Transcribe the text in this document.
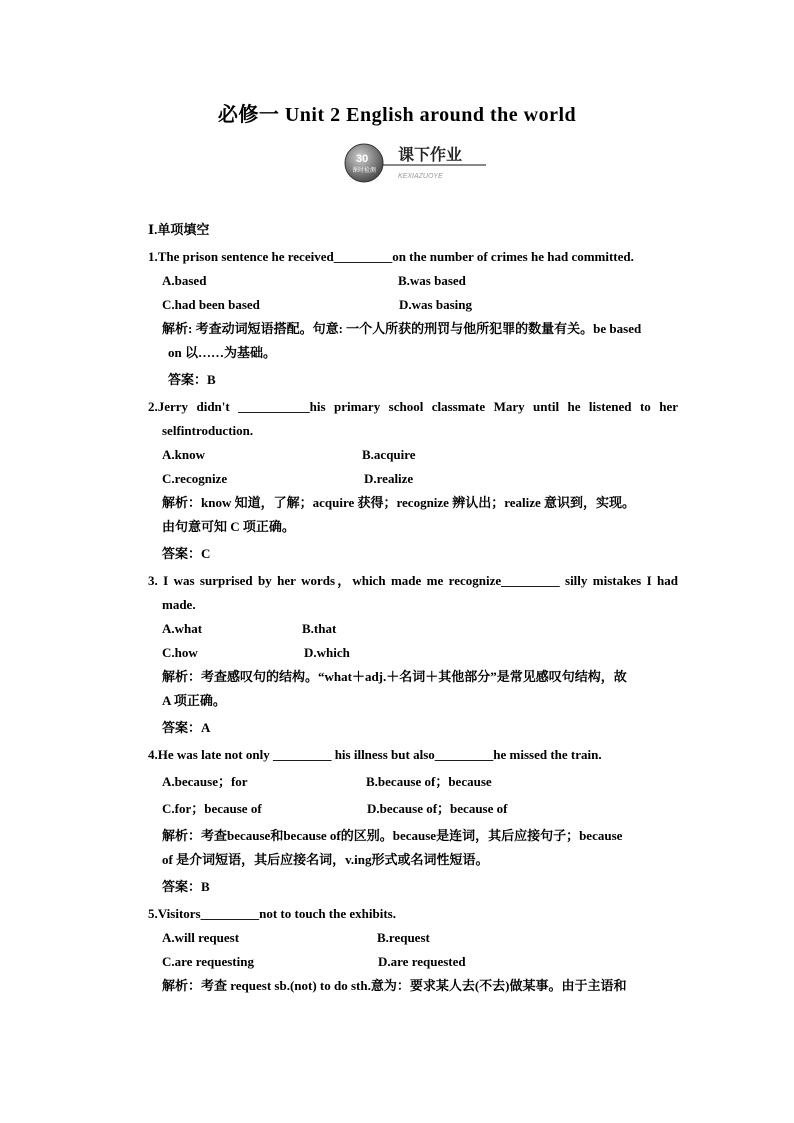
必修一 Unit 2 English around the world
30
课时检测
课下作业
KEXIAZUOYE
Ⅰ.单项填空
1.The prison sentence he received_________on the number of crimes he had committed.
A.based	B.was based
C.had been based	D.was basing
解析: 考查动词短语搭配。句意: 一个人所获的刑罚与他所犯罪的数量有关。be based
on 以……为基础。
答案：B
2.Jerry didn't ___________his primary school classmate Mary until he listened to her
selfintroduction.
A.know	B.acquire
C.recognize	D.realize
解析：know 知道，了解；acquire 获得；recognize 辨认出；realize 意识到，实现。
由句意可知 C 项正确。
答案：C
3. I was surprised by her words，which made me recognize_________ silly mistakes I had
made.
A.what	B.that
C.how	D.which
解析：考查感叹句的结构。“what＋adj.＋名词＋其他部分”是常见感叹句结构，故
A 项正确。
答案：A
4.He was late not only _________ his illness but also_________he missed the train.
A.because；for	B.because of；because
C.for；because of	D.because of；because of
解析：考查because和because of的区别。because是连词，其后应接句子；because
of 是介词短语，其后应接名词，v.ing形式或名词性短语。
答案：B
5.Visitors_________not to touch the exhibits.
A.will request	B.request
C.are requesting	D.are requested
解析：考查 request sb.(not) to do sth.意为：要求某人去(不去)做某事。由于主语和
